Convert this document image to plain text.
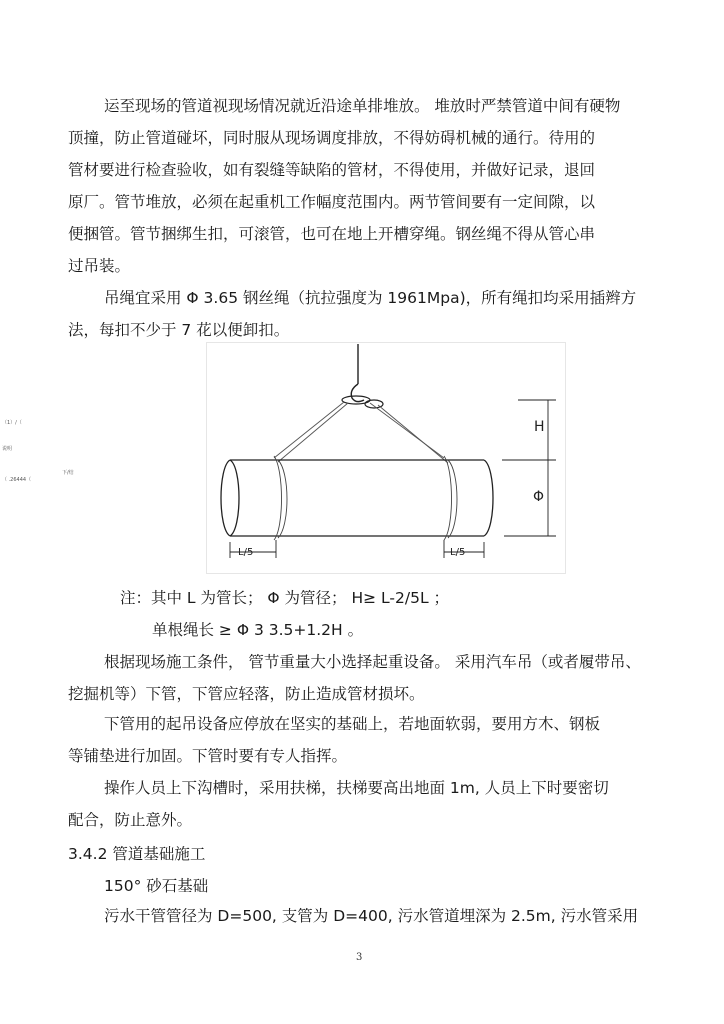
运至现场的管道视现场情况就近沿途单排堆放。 堆放时严禁管道中间有硬物
顶撞，防止管道碰坏，同时服从现场调度排放，不得妨碍机械的通行。待用的
管材要进行检查验收，如有裂缝等缺陷的管材，不得使用，并做好记录，退回
原厂。管节堆放，必须在起重机工作幅度范围内。两节管间要有一定间隙，以
便捆管。管节捆绑生扣，可滚管，也可在地上开槽穿绳。钢丝绳不得从管心串
过吊装。
吊绳宜采用 Φ 3.65 钢丝绳（抗拉强度为 1961Mpa)，所有绳扣均采用插辫方
法，每扣不少于 7 花以便卸扣。
（1）/（
说明
（ .26444（
下/结
H
Φ
L/5	L/5
注：其中 L 为管长； Φ 为管径； H≥ L-2/5L ；
单根绳长 ≥ Φ 3 3.5+1.2H 。
根据现场施工条件， 管节重量大小选择起重设备。 采用汽车吊（或者履带吊、
挖掘机等）下管，下管应轻落，防止造成管材损坏。
下管用的起吊设备应停放在坚实的基础上，若地面软弱，要用方木、钢板
等铺垫进行加固。下管时要有专人指挥。
操作人员上下沟槽时，采用扶梯，扶梯要高出地面 1m, 人员上下时要密切
配合，防止意外。
3.4.2 管道基础施工
150° 砂石基础
污水干管管径为 D=500, 支管为 D=400, 污水管道埋深为 2.5m, 污水管采用
3
